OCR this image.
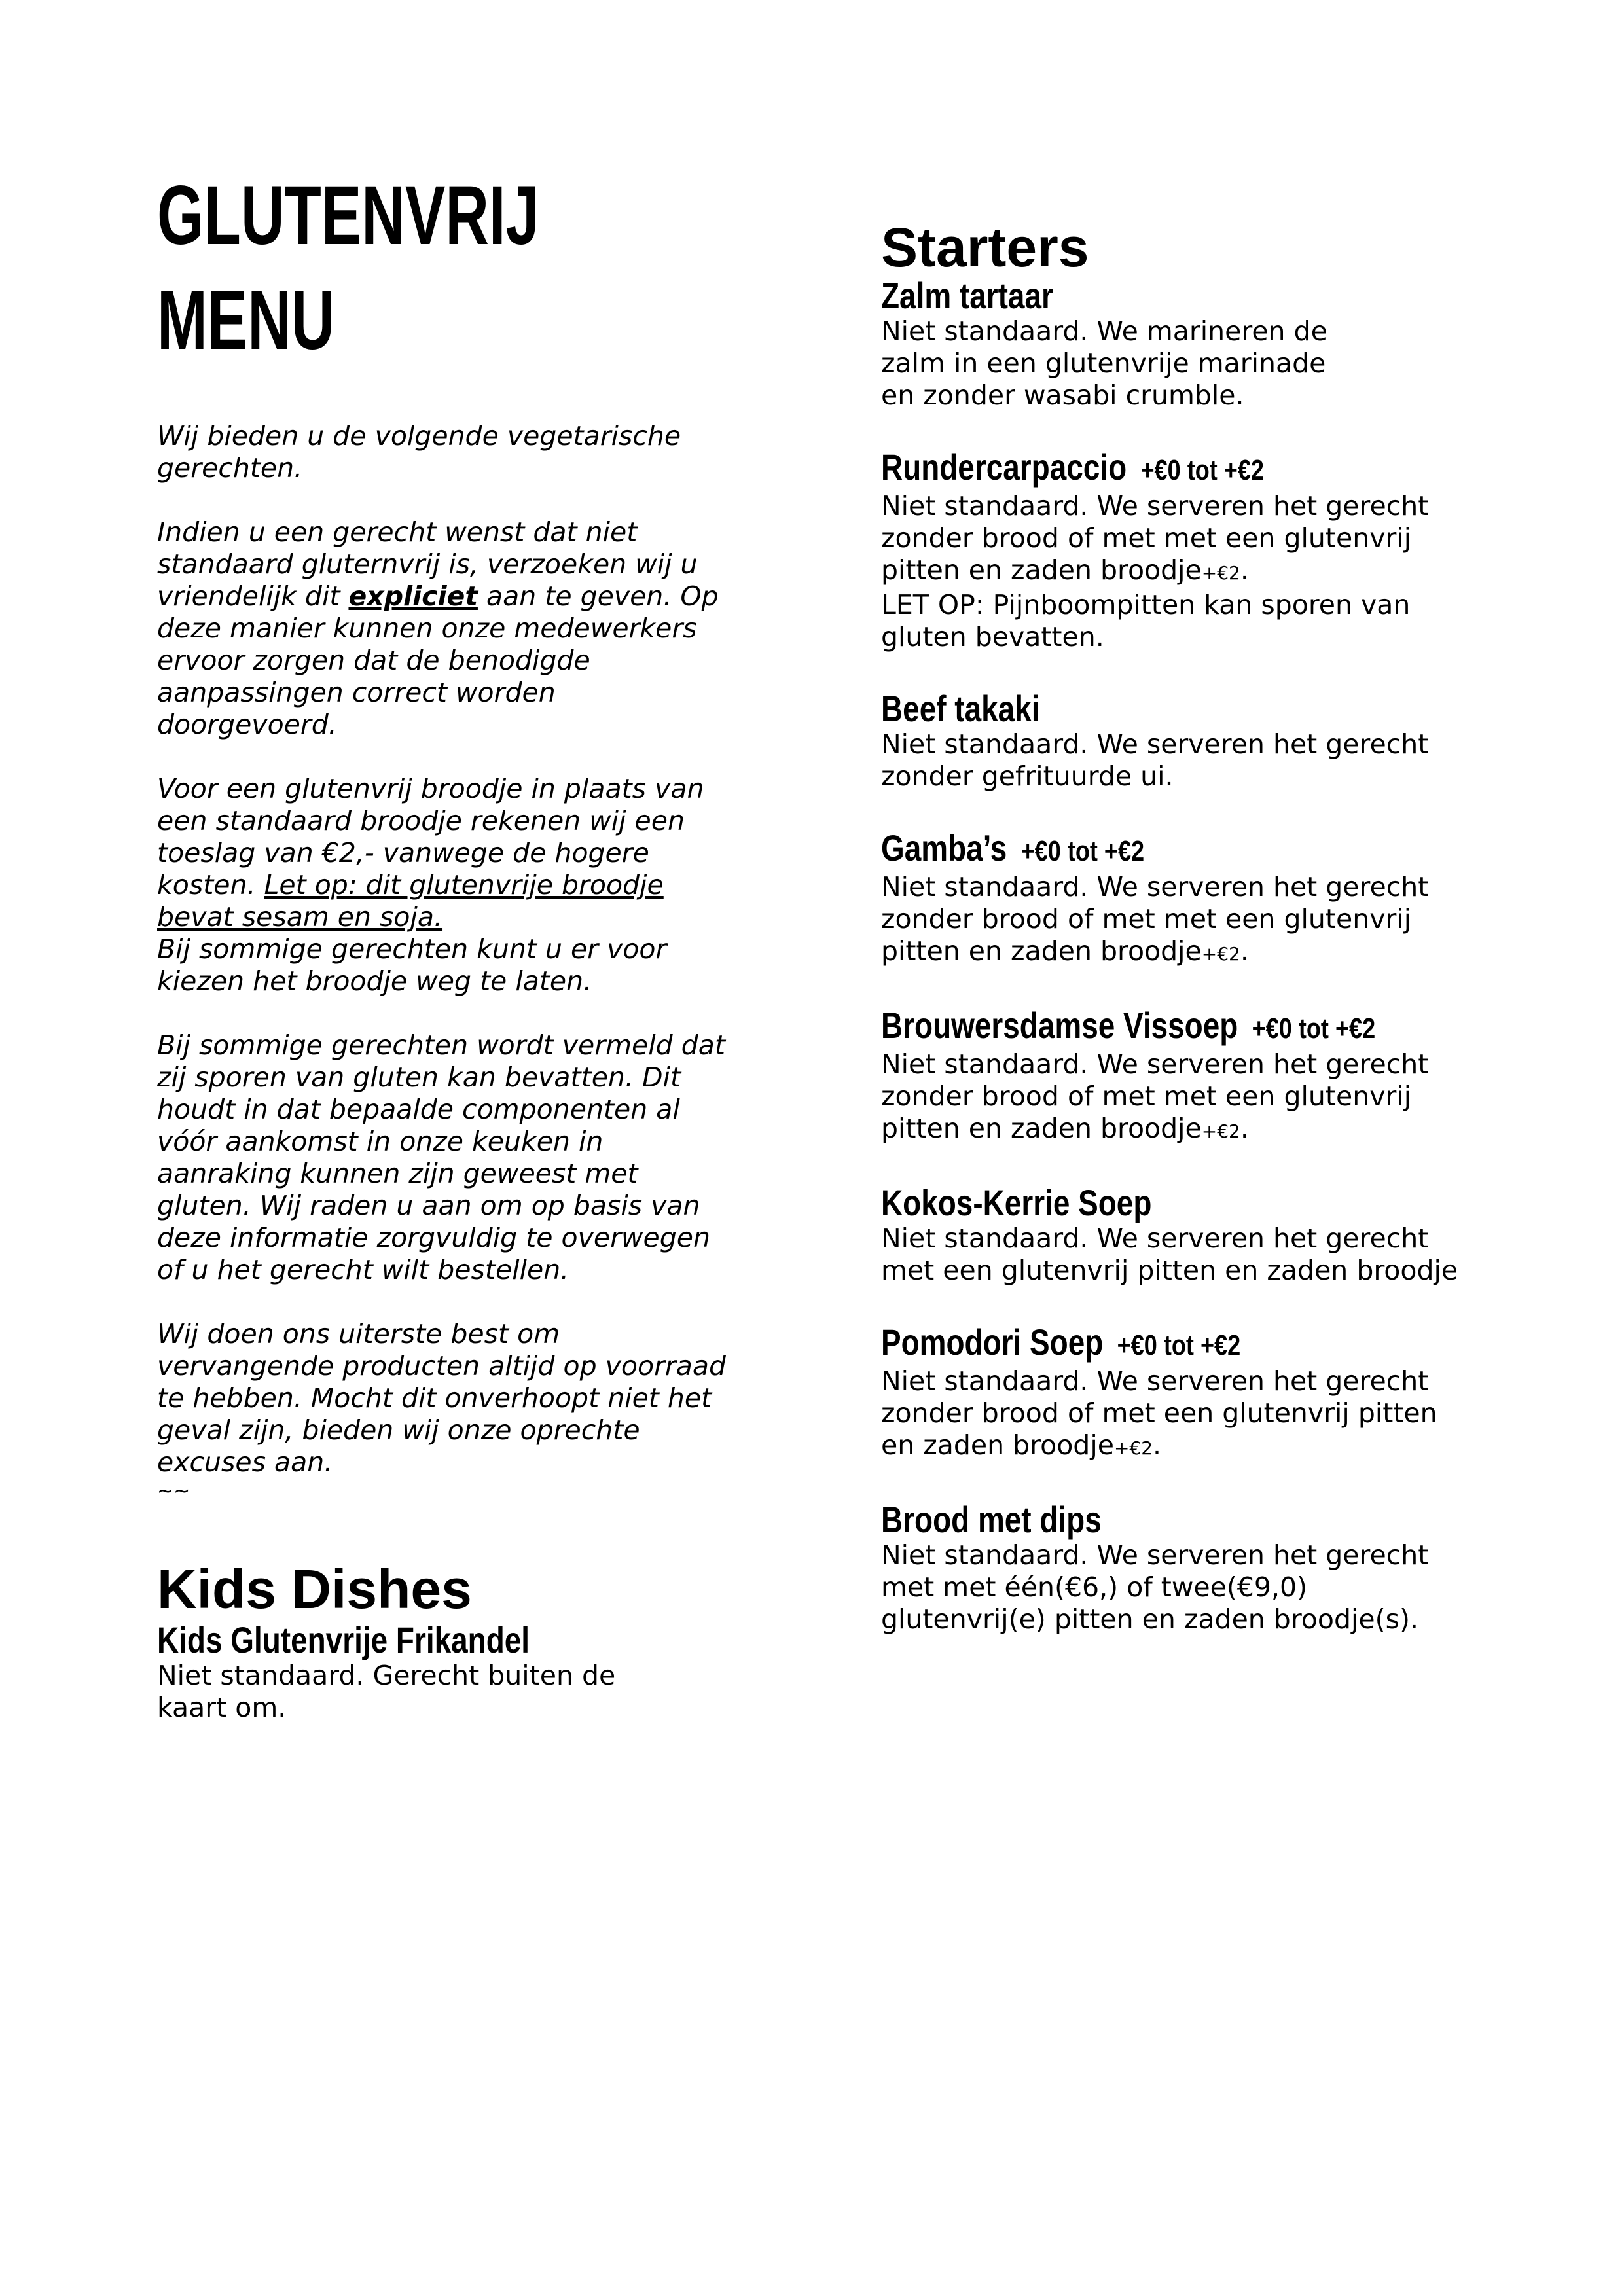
GLUTENVRIJ
MENU
Wij bieden u de volgende vegetarische gerechten.
Indien u een gerecht wenst dat niet standaard gluternvrij is, verzoeken wij u vriendelijk dit expliciet aan te geven. Op deze manier kunnen onze medewerkers ervoor zorgen dat de benodigde aanpassingen correct worden doorgevoerd.
Voor een glutenvrij broodje in plaats van een standaard broodje rekenen wij een toeslag van €2,- vanwege de hogere kosten. Let op: dit glutenvrije broodje bevat sesam en soja.
Bij sommige gerechten kunt u er voor kiezen het broodje weg te laten.
Bij sommige gerechten wordt vermeld dat zij sporen van gluten kan bevatten. Dit houdt in dat bepaalde componenten al vóór aankomst in onze keuken in aanraking kunnen zijn geweest met gluten. Wij raden u aan om op basis van deze informatie zorgvuldig te overwegen of u het gerecht wilt bestellen.
Wij doen ons uiterste best om vervangende producten altijd op voorraad te hebben. Mocht dit onverhoopt niet het geval zijn, bieden wij onze oprechte excuses aan.
~~
Kids Dishes
Kids Glutenvrije Frikandel
Niet standaard. Gerecht buiten de kaart om.
Starters
Zalm tartaar
Niet standaard. We marineren de zalm in een glutenvrije marinade en zonder wasabi crumble.
Rundercarpaccio +€0 tot +€2
Niet standaard. We serveren het gerecht zonder brood of met met een glutenvrij pitten en zaden broodje+€2.
LET OP: Pijnboompitten kan sporen van gluten bevatten.
Beef takaki
Niet standaard. We serveren het gerecht zonder gefrituurde ui.
Gamba’s +€0 tot +€2
Niet standaard. We serveren het gerecht zonder brood of met met een glutenvrij pitten en zaden broodje+€2.
Brouwersdamse Vissoep +€0 tot +€2
Niet standaard. We serveren het gerecht zonder brood of met met een glutenvrij pitten en zaden broodje+€2.
Kokos-Kerrie Soep
Niet standaard. We serveren het gerecht met een glutenvrij pitten en zaden broodje
Pomodori Soep +€0 tot +€2
Niet standaard. We serveren het gerecht zonder brood of met een glutenvrij pitten en zaden broodje+€2.
Brood met dips
Niet standaard. We serveren het gerecht met met één(€6,) of twee(€9,0) glutenvrij(e) pitten en zaden broodje(s).
